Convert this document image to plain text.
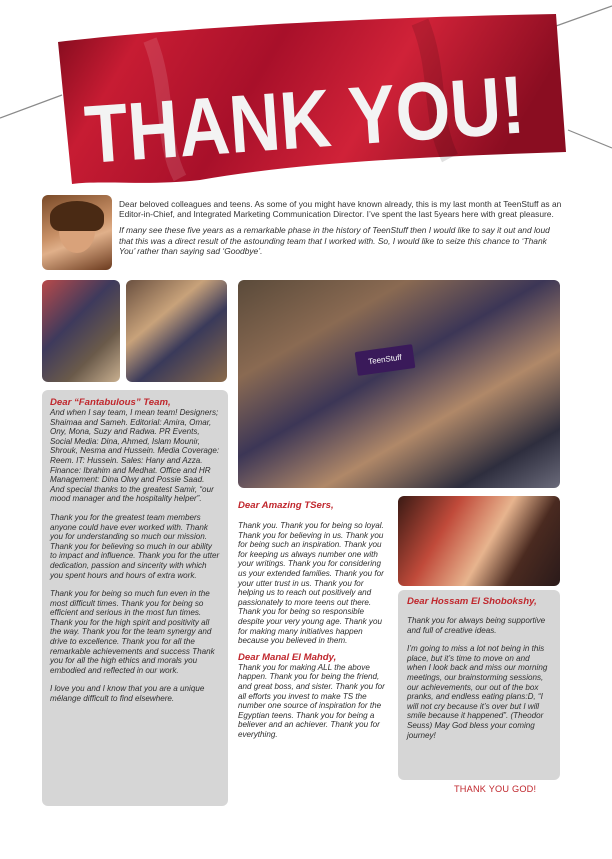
THANK YOU!

Dear beloved colleagues and teens. As some of you might have known already, this is my last month at TeenStuff as an Editor-in-Chief, and Integrated Marketing Communication Director. I’ve spent the last 5years here with great pleasure.

If many see these five years as a remarkable phase in the history of TeenStuff then I would like to say it out and loud that this was a direct result of the astounding team that I worked with. So, I would like to seize this chance to ‘Thank You’ rather than saying sad ‘Goodbye’.

TeenStuff

Dear “Fantabulous” Team,

And when I say team, I mean team! Designers; Shaimaa and Sameh. Editorial: Amira, Omar, Ony, Mona, Suzy and Radwa. PR Events, Social Media: Dina, Ahmed, Islam Mounir, Shrouk, Nesma and Hussein. Media Coverage: Reem. IT: Hussein. Sales: Hany and Azza. Finance: Ibrahim and Medhat. Office and HR Management: Dina Olwy and Possie Saad. And special thanks to the greatest Samir, “our mood manager and the hospitality helper”.

Thank you for the greatest team members anyone could have ever worked with. Thank you for understanding so much our mission. Thank you for believing so much in our ability to impact and influence. Thank you for the utter dedication, passion and sincerity with which you spent hours and hours of extra work.

Thank you for being so much fun even in the most difficult times. Thank you for being so efficient and serious in the most fun times. Thank you for the high spirit and positivity all the way. Thank you for the team synergy and drive to excellence. Thank you for all the remarkable achievements and success Thank you for all the high ethics and morals you embodied and reflected in our work.

I love you and I know that you are a unique mélange difficult to find elsewhere.

Dear Amazing TSers,

Thank you. Thank you for being so loyal. Thank you for believing in us. Thank you for being such an inspiration. Thank you for keeping us always number one with your writings. Thank you for considering us your extended families. Thank you for your utter trust in us. Thank you for helping us to reach out positively and passionately to more teens out there. Thank you for being so responsible despite your very young age. Thank you for making many initiatives happen because you believed in them.

Dear Manal El Mahdy,

Thank you for making ALL the above happen. Thank you for being the friend, and great boss, and sister. Thank you for all efforts you invest to make TS the number one source of inspiration for the Egyptian teens. Thank you for being a believer and an achiever. Thank you for everything.

Dear Hossam El Shobokshy,

Thank you for always being supportive and full of creative ideas.

I’m going to miss a lot not being in this place, but it’s time to move on and when I look back and miss our morning meetings, our brainstorming sessions, our achievements, our out of the box pranks, and endless eating plans:D, “I will not cry because it’s over but I will smile because it happened”. (Theodor Seuss) May God bless your coming journey!

THANK YOU GOD!
